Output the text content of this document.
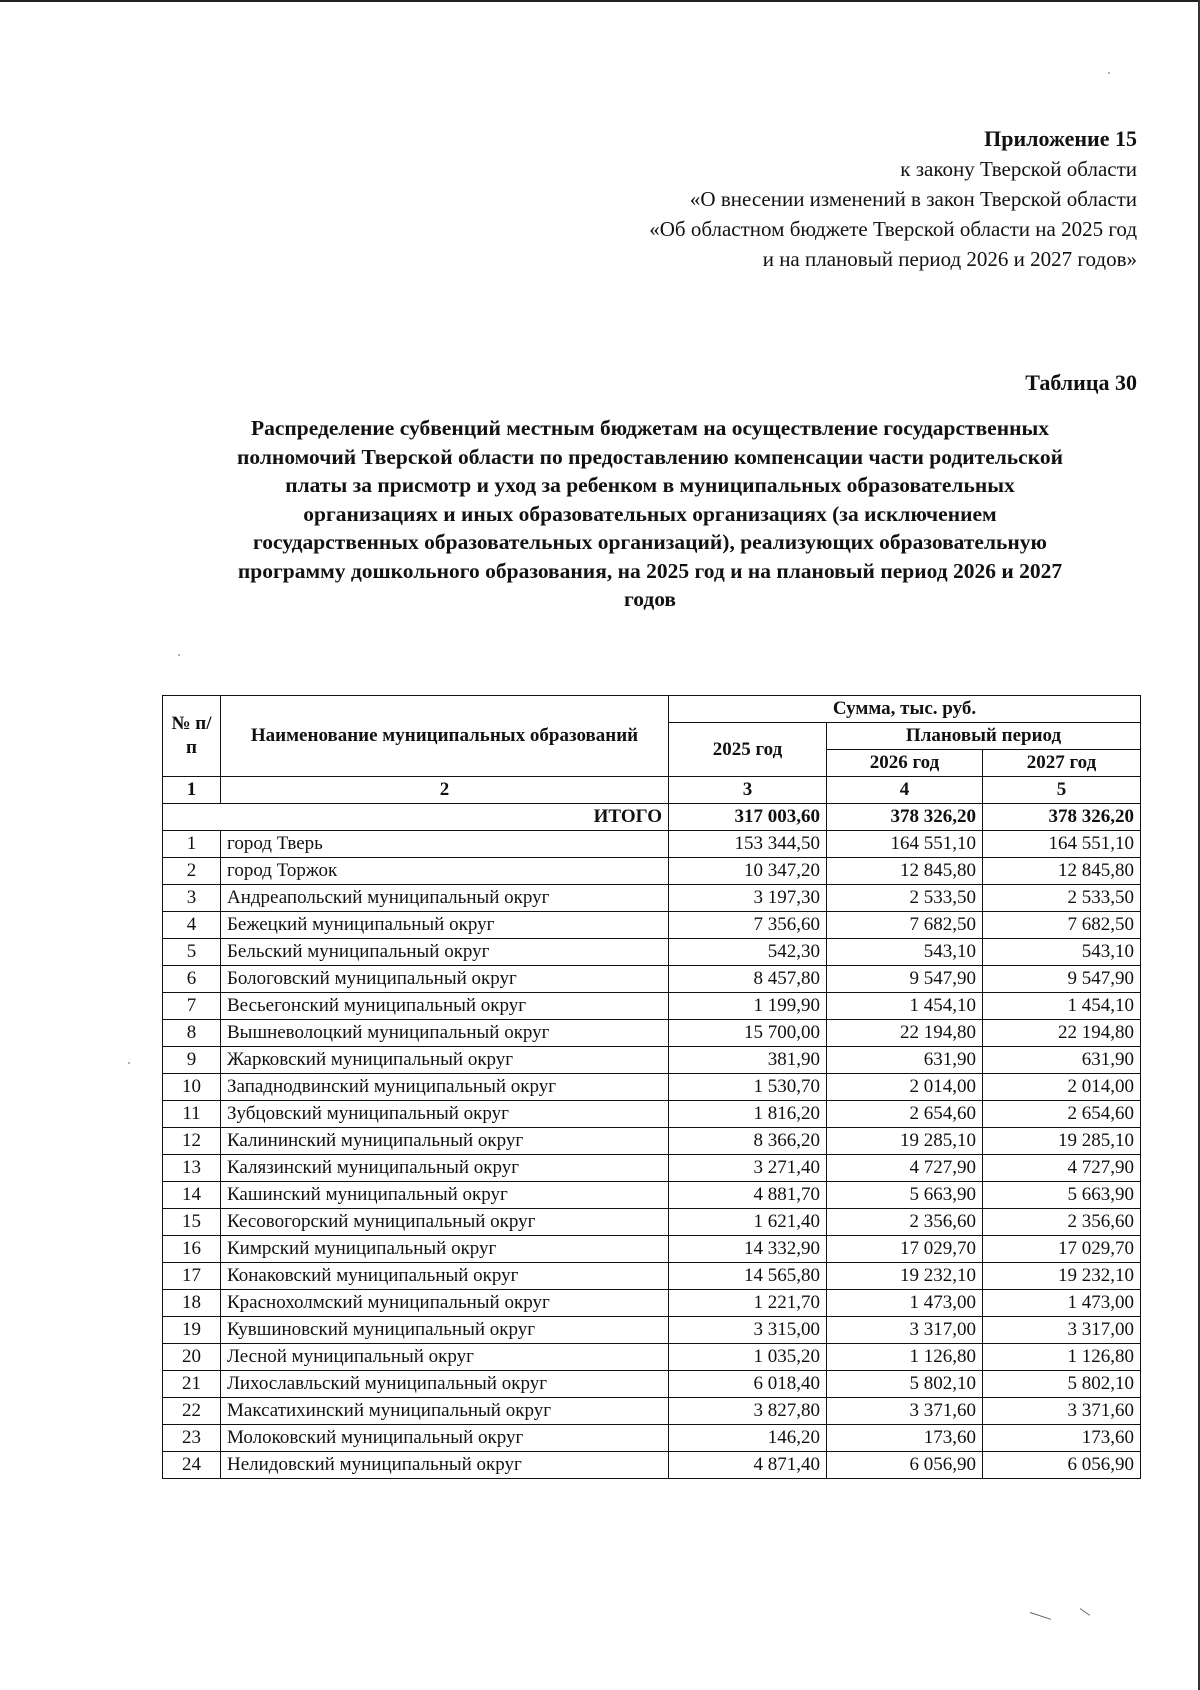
Приложение 15
к закону Тверской области
«О внесении изменений в закон Тверской области
«Об областном бюджете Тверской области на 2025 год
и на плановый период 2026 и 2027 годов»
Таблица 30
Распределение субвенций местным бюджетам на осуществление государственных
полномочий Тверской области по предоставлению компенсации части родительской
платы за присмотр и уход за ребенком в муниципальных образовательных
организациях и иных образовательных организациях (за исключением
государственных образовательных организаций), реализующих образовательную
программу дошкольного образования, на 2025 год и на плановый период 2026 и 2027
годов
№ п/п	Наименование муниципальных образований	Сумма, тыс. руб.		
		2025 год	Плановый период	
			2026 год	2027 год
1	2	3	4	5
ИТОГО		317 003,60	378 326,20	378 326,20
1	город Тверь	153 344,50	164 551,10	164 551,10
2	город Торжок	10 347,20	12 845,80	12 845,80
3	Андреапольский муниципальный округ	3 197,30	2 533,50	2 533,50
4	Бежецкий муниципальный округ	7 356,60	7 682,50	7 682,50
5	Бельский муниципальный округ	542,30	543,10	543,10
6	Бологовский муниципальный округ	8 457,80	9 547,90	9 547,90
7	Весьегонский муниципальный округ	1 199,90	1 454,10	1 454,10
8	Вышневолоцкий муниципальный округ	15 700,00	22 194,80	22 194,80
9	Жарковский муниципальный округ	381,90	631,90	631,90
10	Западнодвинский муниципальный округ	1 530,70	2 014,00	2 014,00
11	Зубцовский муниципальный округ	1 816,20	2 654,60	2 654,60
12	Калининский муниципальный округ	8 366,20	19 285,10	19 285,10
13	Калязинский муниципальный округ	3 271,40	4 727,90	4 727,90
14	Кашинский муниципальный округ	4 881,70	5 663,90	5 663,90
15	Кесовогорский муниципальный округ	1 621,40	2 356,60	2 356,60
16	Кимрский муниципальный округ	14 332,90	17 029,70	17 029,70
17	Конаковский муниципальный округ	14 565,80	19 232,10	19 232,10
18	Краснохолмский муниципальный округ	1 221,70	1 473,00	1 473,00
19	Кувшиновский муниципальный округ	3 315,00	3 317,00	3 317,00
20	Лесной муниципальный округ	1 035,20	1 126,80	1 126,80
21	Лихославльский муниципальный округ	6 018,40	5 802,10	5 802,10
22	Максатихинский муниципальный округ	3 827,80	3 371,60	3 371,60
23	Молоковский муниципальный округ	146,20	173,60	173,60
24	Нелидовский муниципальный округ	4 871,40	6 056,90	6 056,90
